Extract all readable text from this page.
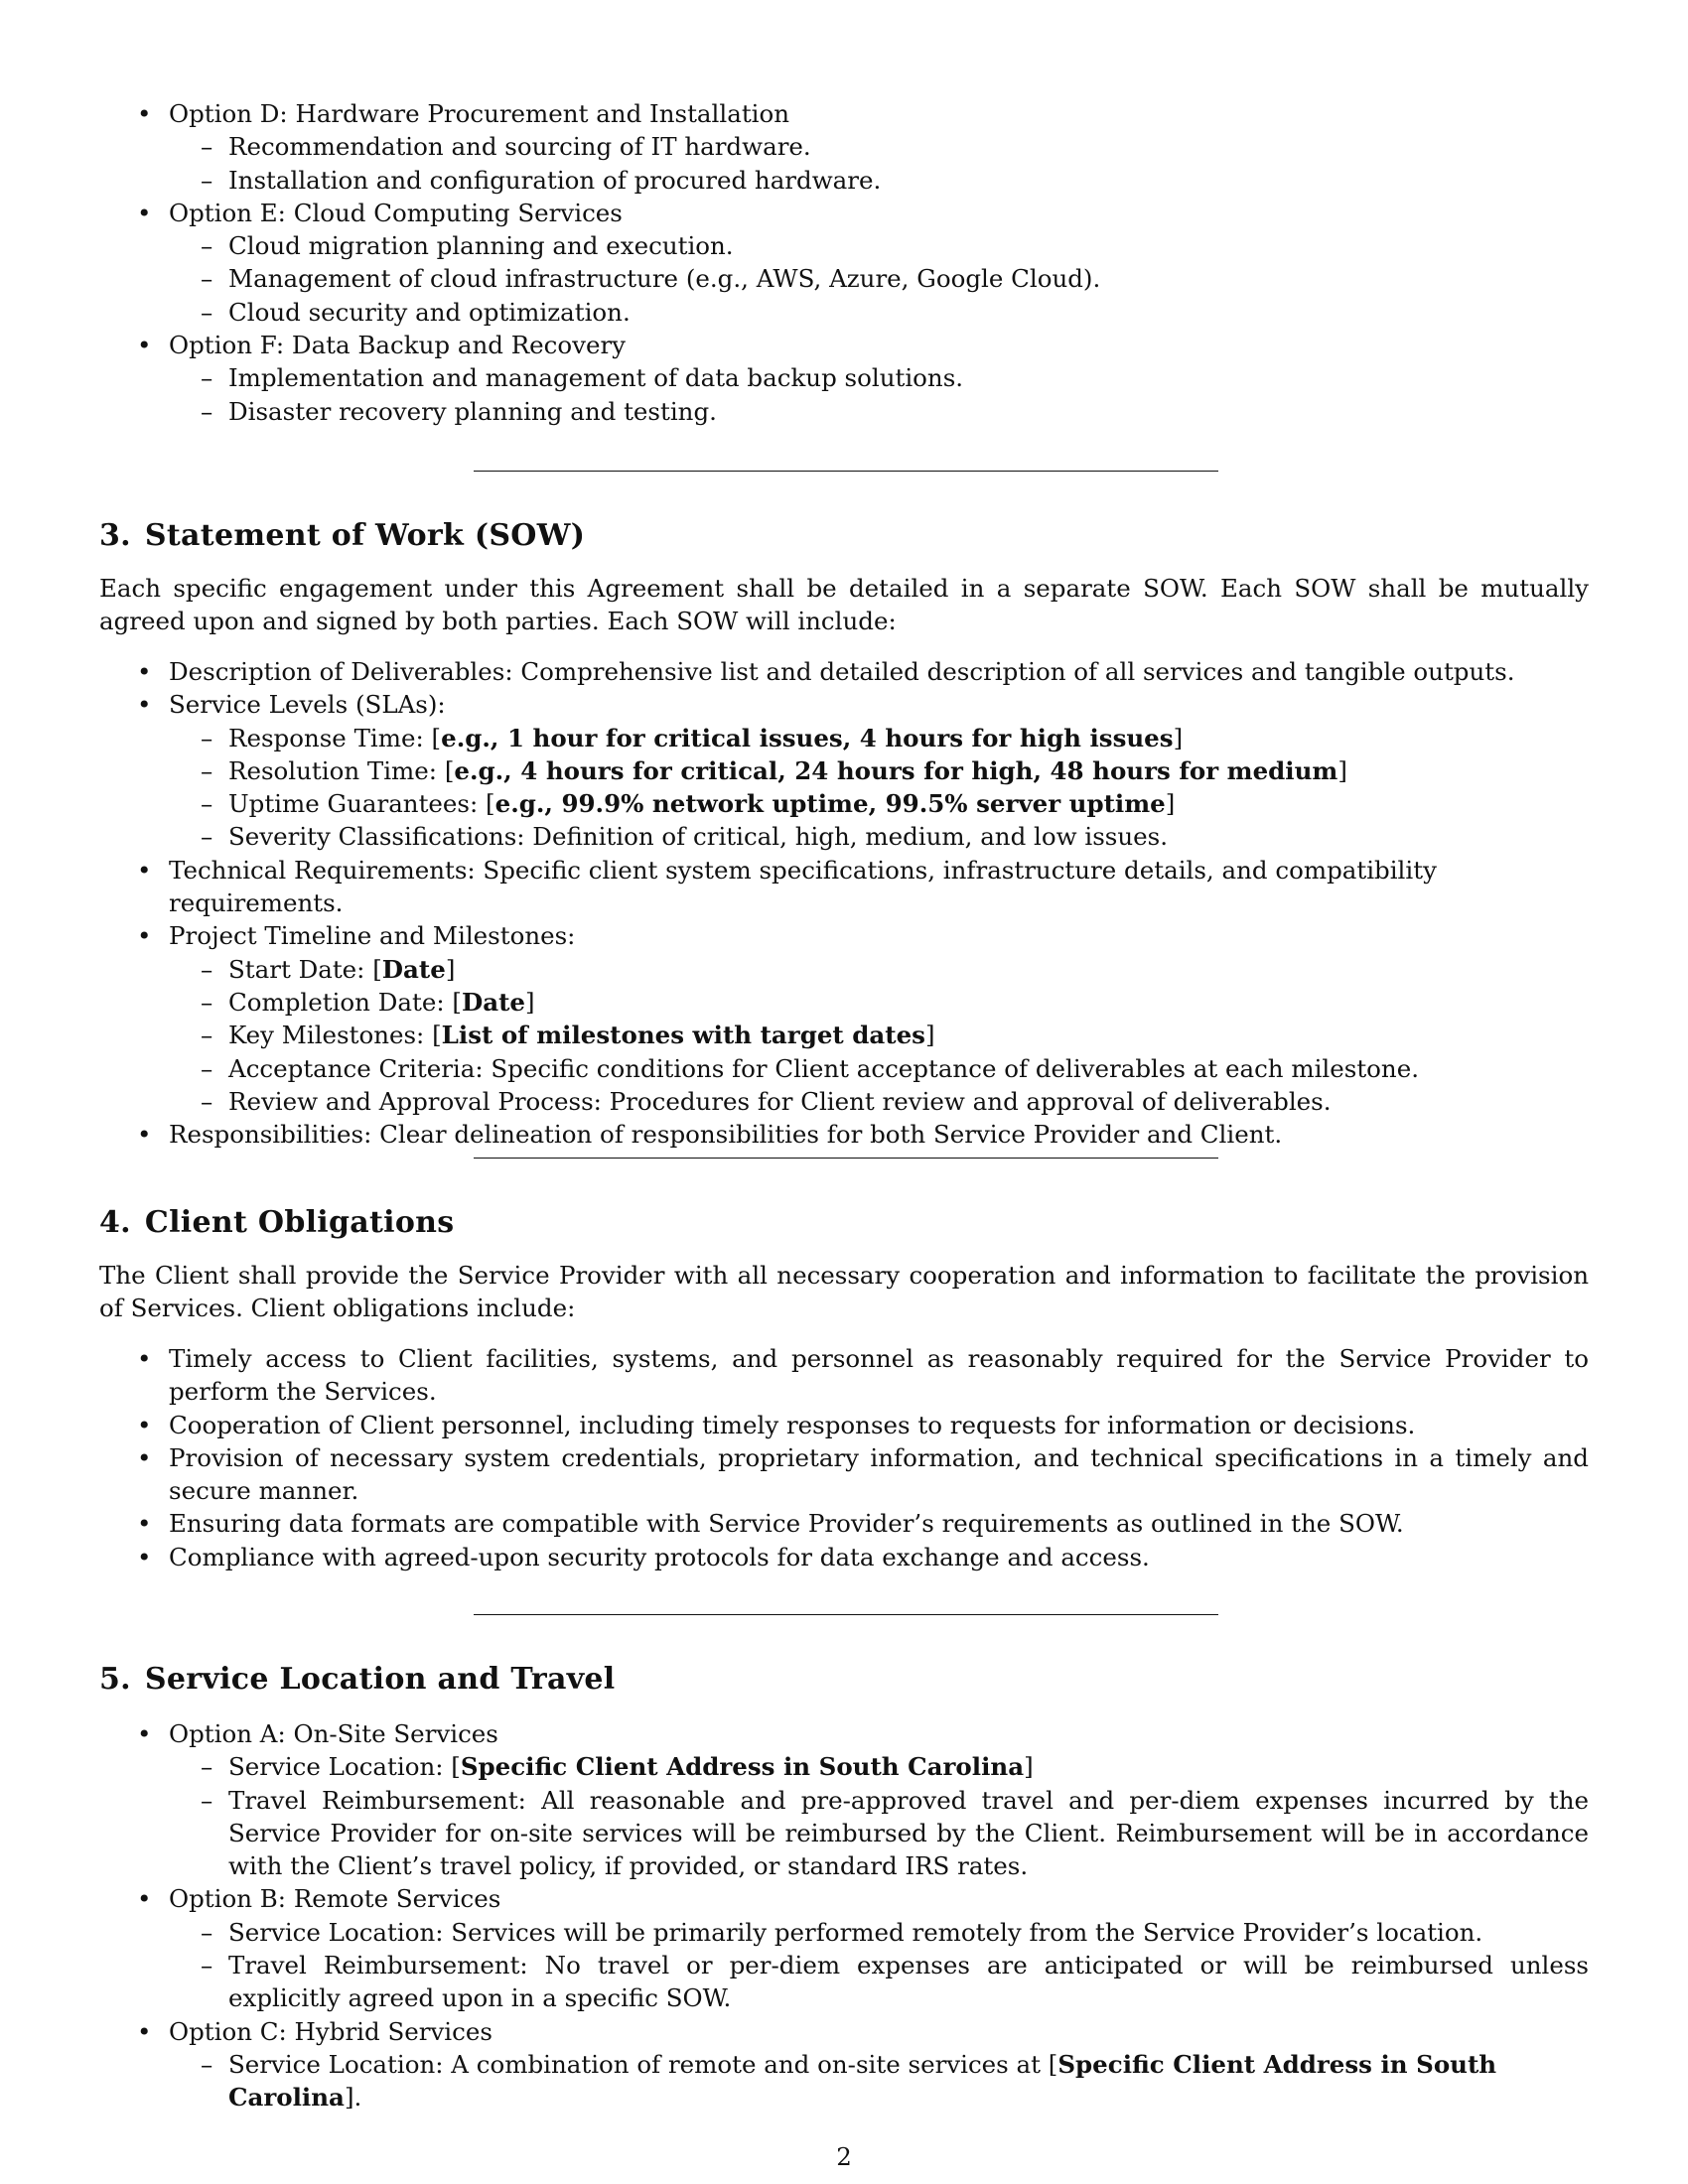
• Option D: Hardware Procurement and Installation
– Recommendation and sourcing of IT hardware.
– Installation and configuration of procured hardware.
• Option E: Cloud Computing Services
– Cloud migration planning and execution.
– Management of cloud infrastructure (e.g., AWS, Azure, Google Cloud).
– Cloud security and optimization.
• Option F: Data Backup and Recovery
– Implementation and management of data backup solutions.
– Disaster recovery planning and testing.
3. Statement of Work (SOW)

Each specific engagement under this Agreement shall be detailed in a separate SOW. Each SOW shall be mutually agreed upon and signed by both parties. Each SOW will include:

• Description of Deliverables: Comprehensive list and detailed description of all services and tangible outputs.
• Service Levels (SLAs):
– Response Time: [e.g., 1 hour for critical issues, 4 hours for high issues]
– Resolution Time: [e.g., 4 hours for critical, 24 hours for high, 48 hours for medium]
– Uptime Guarantees: [e.g., 99.9% network uptime, 99.5% server uptime]
– Severity Classifications: Definition of critical, high, medium, and low issues.
• Technical Requirements: Specific client system specifications, infrastructure details, and compatibility requirements.
• Project Timeline and Milestones:
– Start Date: [Date]
– Completion Date: [Date]
– Key Milestones: [List of milestones with target dates]
– Acceptance Criteria: Specific conditions for Client acceptance of deliverables at each milestone.
– Review and Approval Process: Procedures for Client review and approval of deliverables.
• Responsibilities: Clear delineation of responsibilities for both Service Provider and Client.
4. Client Obligations

The Client shall provide the Service Provider with all necessary cooperation and information to facilitate the provision of Services. Client obligations include:

• Timely access to Client facilities, systems, and personnel as reasonably required for the Service Provider to perform the Services.
• Cooperation of Client personnel, including timely responses to requests for information or decisions.
• Provision of necessary system credentials, proprietary information, and technical specifications in a timely and secure manner.
• Ensuring data formats are compatible with Service Provider’s requirements as outlined in the SOW.
• Compliance with agreed-upon security protocols for data exchange and access.
5. Service Location and Travel
• Option A: On-Site Services
– Service Location: [Specific Client Address in South Carolina]
– Travel Reimbursement: All reasonable and pre-approved travel and per-diem expenses incurred by the Service Provider for on-site services will be reimbursed by the Client. Reimbursement will be in accordance with the Client’s travel policy, if provided, or standard IRS rates.
• Option B: Remote Services
– Service Location: Services will be primarily performed remotely from the Service Provider’s location.
– Travel Reimbursement: No travel or per-diem expenses are anticipated or will be reimbursed unless explicitly agreed upon in a specific SOW.
• Option C: Hybrid Services
– Service Location: A combination of remote and on-site services at [Specific Client Address in South Carolina].
2
